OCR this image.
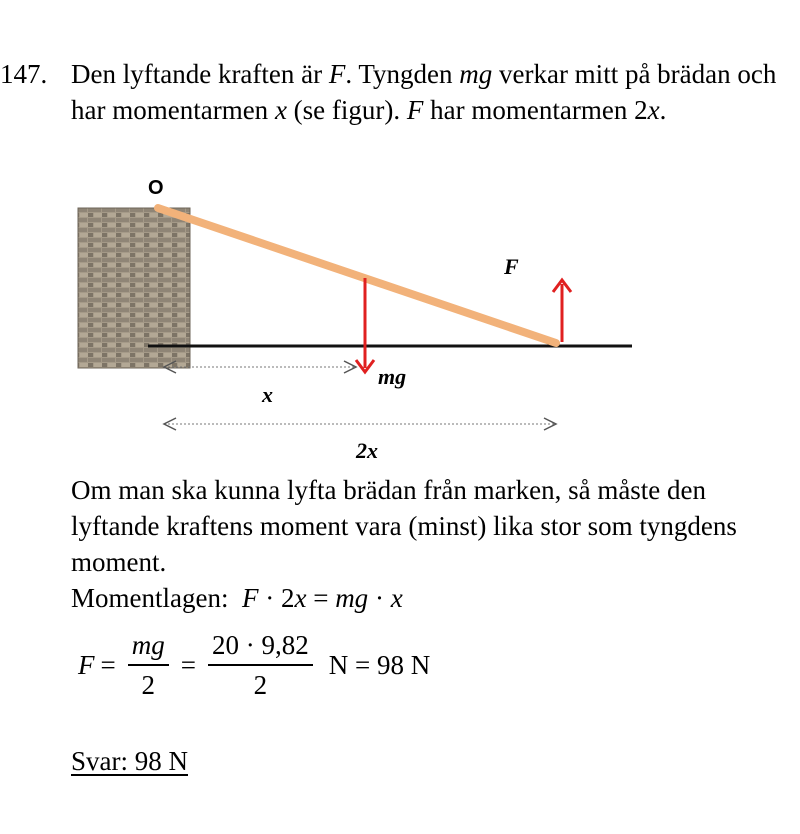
147. Den lyftande kraften är F. Tyngden mg verkar mitt på brädan och har momentarmen x (se figur). F har momentarmen 2x.
O
F
mg
x
2x
Om man ska kunna lyfta brädan från marken, så måste den lyftande kraftens moment vara (minst) lika stor som tyngdens moment.
Momentlagen: F · 2x = mg · x
$F = \frac{mg}{2} = \frac{20 \cdot 9,82}{2}$ N = 98 N
Svar: 98 N
